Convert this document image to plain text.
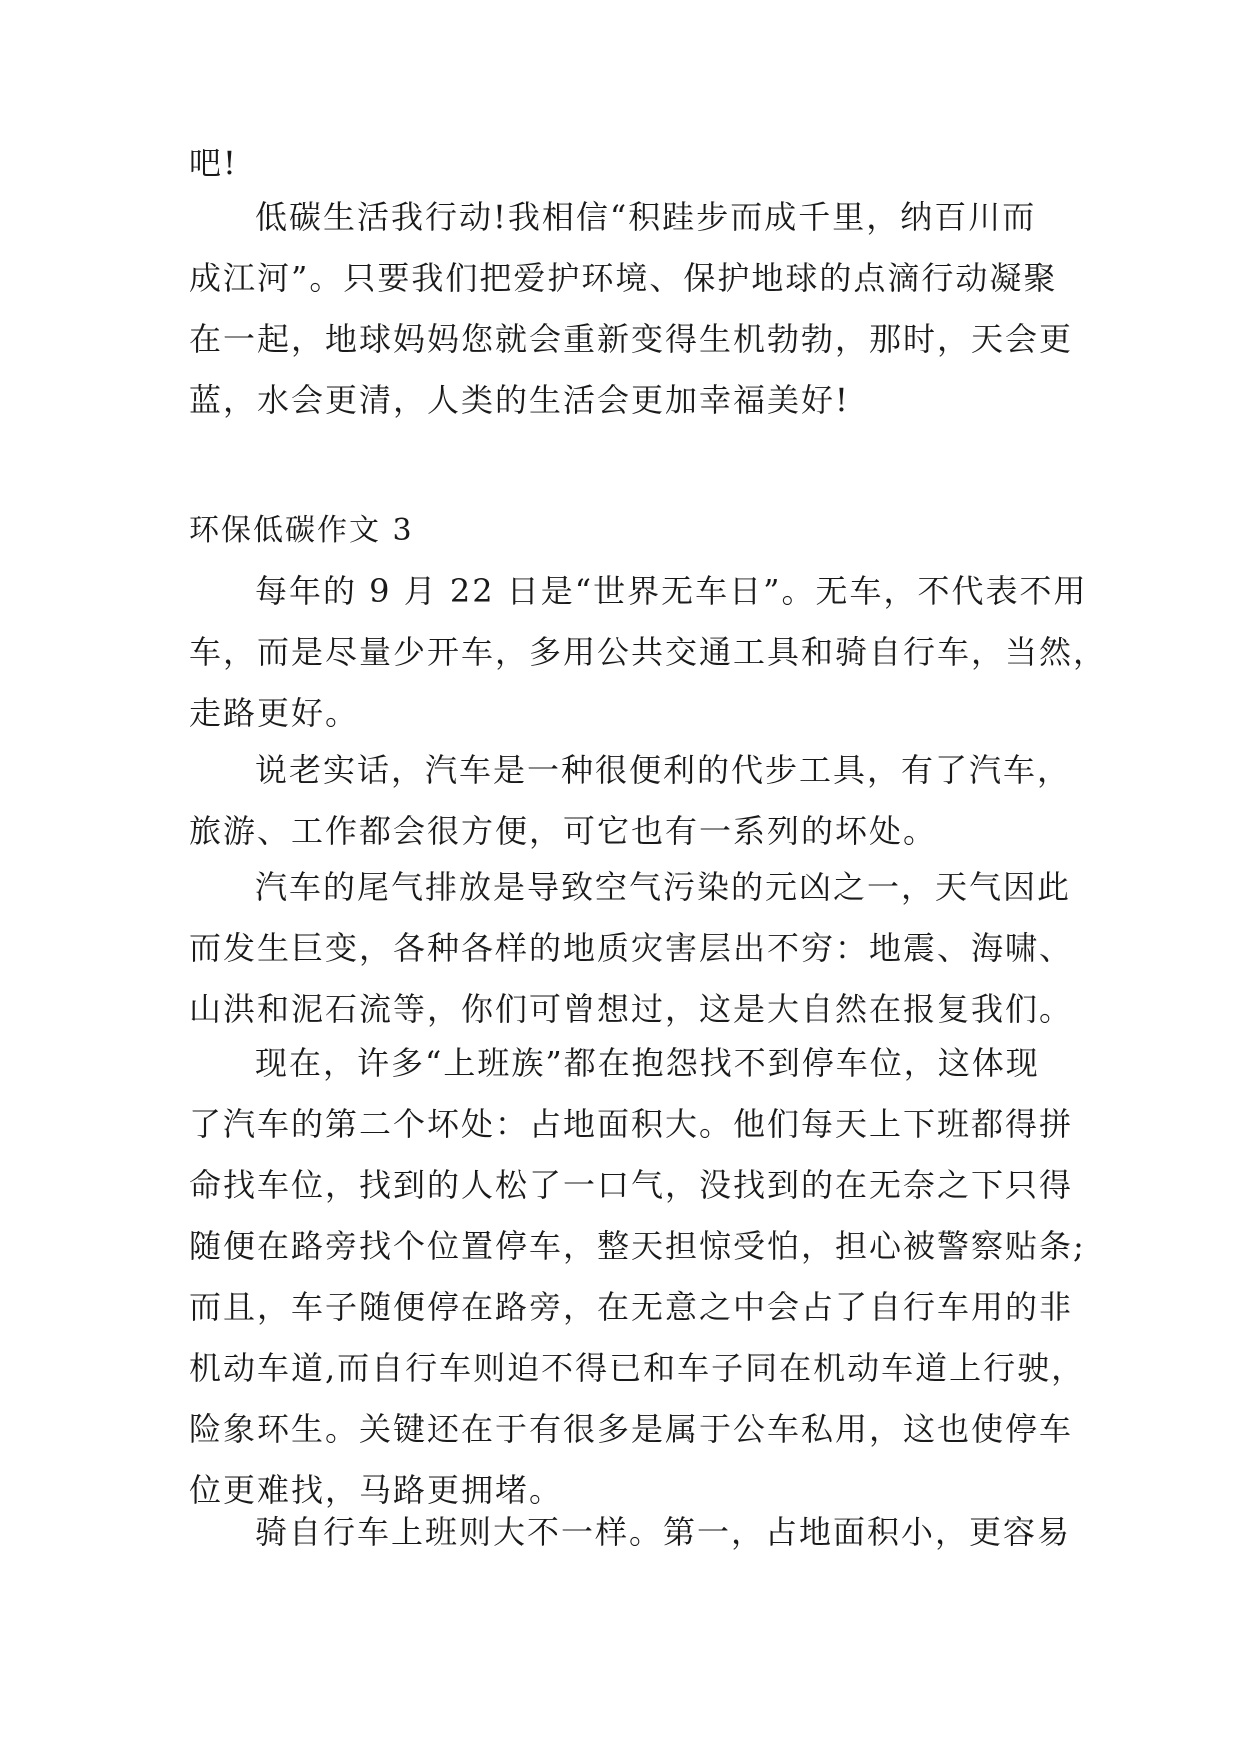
吧!
低碳生活我行动!我相信“积跬步而成千里，纳百川而
成江河”。只要我们把爱护环境、保护地球的点滴行动凝聚
在一起，地球妈妈您就会重新变得生机勃勃，那时，天会更
蓝，水会更清，人类的生活会更加幸福美好!
环保低碳作文 3
每年的 9 月 22 日是“世界无车日”。无车，不代表不用
车，而是尽量少开车，多用公共交通工具和骑自行车，当然，
走路更好。
说老实话，汽车是一种很便利的代步工具，有了汽车，
旅游、工作都会很方便，可它也有一系列的坏处。
汽车的尾气排放是导致空气污染的元凶之一，天气因此
而发生巨变，各种各样的地质灾害层出不穷：地震、海啸、
山洪和泥石流等，你们可曾想过，这是大自然在报复我们。
现在，许多“上班族”都在抱怨找不到停车位，这体现
了汽车的第二个坏处：占地面积大。他们每天上下班都得拼
命找车位，找到的人松了一口气，没找到的在无奈之下只得
随便在路旁找个位置停车，整天担惊受怕，担心被警察贴条;
而且，车子随便停在路旁，在无意之中会占了自行车用的非
机动车道,而自行车则迫不得已和车子同在机动车道上行驶，
险象环生。关键还在于有很多是属于公车私用，这也使停车
位更难找，马路更拥堵。
骑自行车上班则大不一样。第一，占地面积小，更容易
